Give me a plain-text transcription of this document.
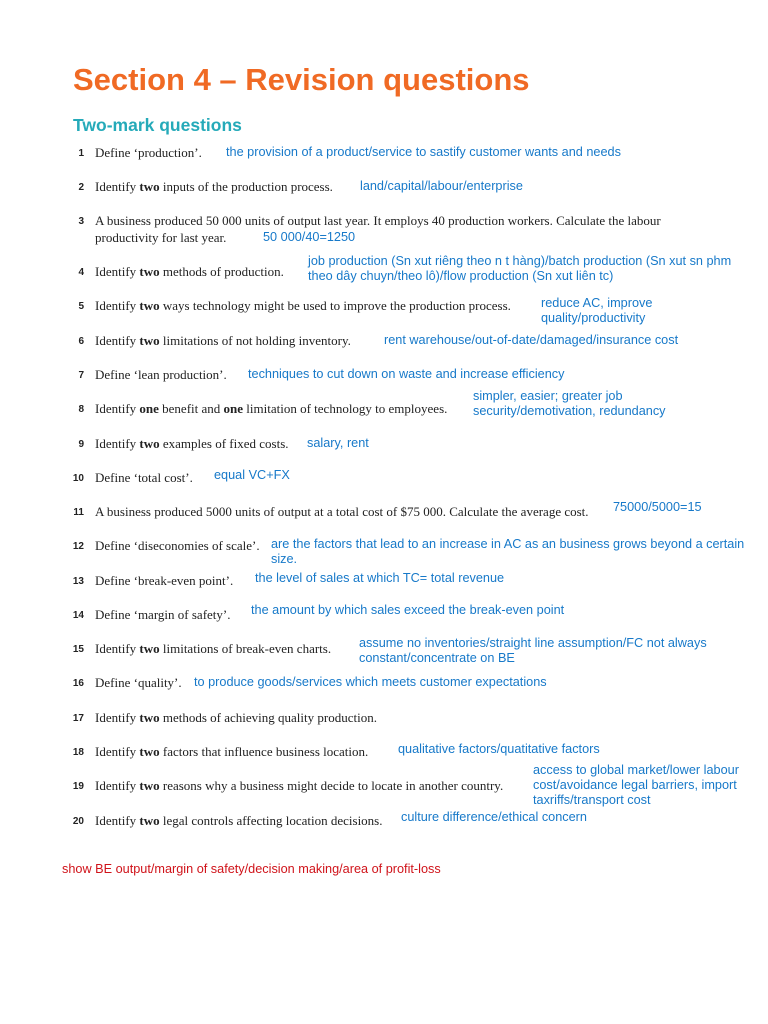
Section 4 – Revision questions
Two-mark questions
1 Define ‘production’. the provision of a product/service to sastify customer wants and needs
2 Identify two inputs of the production process. land/capital/labour/enterprise
3 A business produced 50 000 units of output last year. It employs 40 production workers. Calculate the labour
productivity for last year.	50 000/40=1250
4 Identify two methods of production.
job production (Sn xut riêng theo n t hàng)/batch production (Sn xut sn phm theo dây chuyn/theo lô)/flow production (Sn xut liên tc)
5 Identify two ways technology might be used to improve the production process. reduce AC, improve quality/productivity
6 Identify two limitations of not holding inventory.	rent warehouse/out-of-date/damaged/insurance cost
7 Define ‘lean production’. techniques to cut down on waste and increase efficiency
8 Identify one benefit and one limitation of technology to employees.
simpler, easier; greater job security/demotivation, redundancy
9 Identify two examples of fixed costs. salary, rent
10 Define ‘total cost’. equal VC+FX
11 A business produced 5000 units of output at a total cost of $75 000. Calculate the average cost. 75000/5000=15
12 Define ‘diseconomies of scale’. are the factors that lead to an increase in AC as an business grows beyond a certain size.
13 Define ‘break-even point’. the level of sales at which TC= total revenue
14 Define ‘margin of safety’. the amount by which sales exceed the break-even point
15 Identify two limitations of break-even charts. assume no inventories/straight line assumption/FC not always constant/concentrate on BE
16 Define ‘quality’. to produce goods/services which meets customer expectations
17 Identify two methods of achieving quality production.
18 Identify two factors that influence business location. qualitative factors/quatitative factors
19 Identify two reasons why a business might decide to locate in another country.
access to global market/lower labour cost/avoidance legal barriers, import taxriffs/transport cost
20 Identify two legal controls affecting location decisions. culture difference/ethical concern
show BE output/margin of safety/decision making/area of profit-loss
